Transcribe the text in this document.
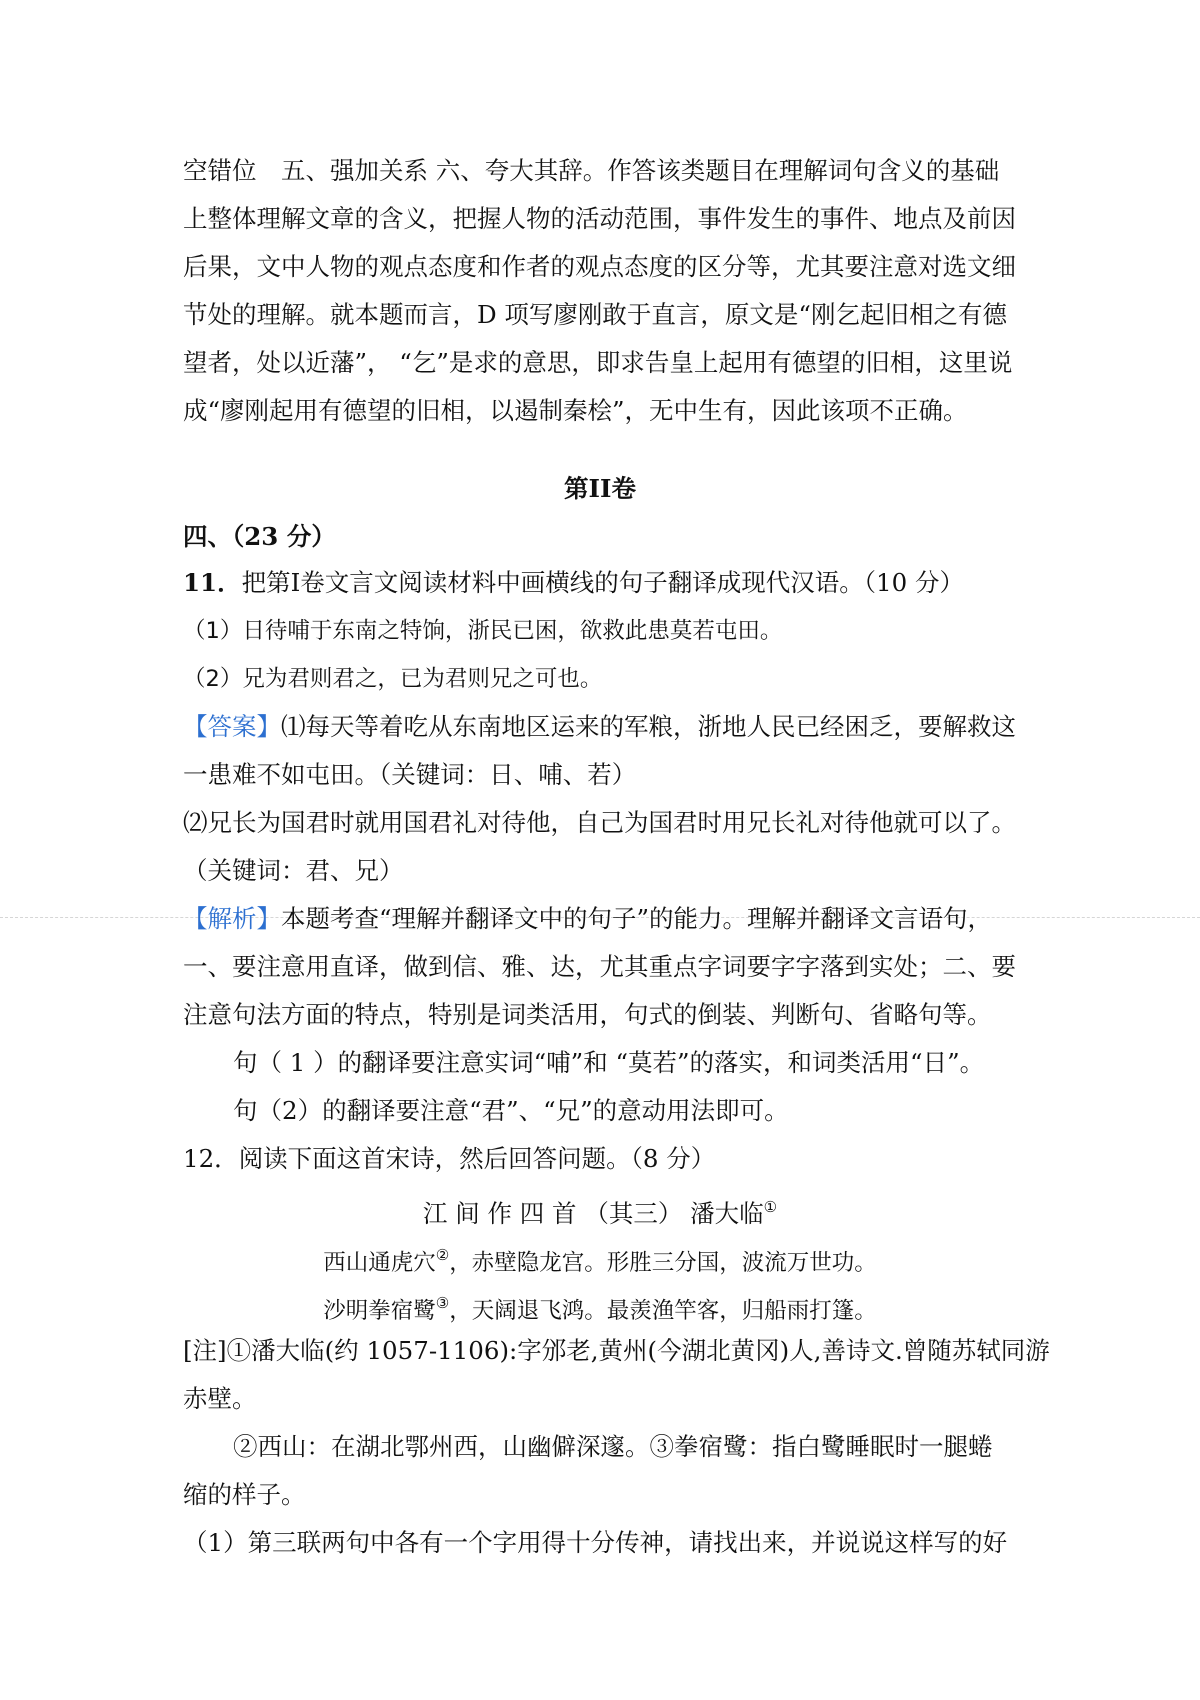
空错位　五、强加关系 六、夸大其辞。作答该类题目在理解词句含义的基础
上整体理解文章的含义，把握人物的活动范围，事件发生的事件、地点及前因
后果，文中人物的观点态度和作者的观点态度的区分等，尤其要注意对选文细
节处的理解。就本题而言，D 项写廖刚敢于直言，原文是“刚乞起旧相之有德
望者，处以近藩”， “乞”是求的意思，即求告皇上起用有德望的旧相，这里说
成“廖刚起用有德望的旧相，以遏制秦桧”，无中生有，因此该项不正确。
第II卷
四、（23 分）
11．把第I卷文言文阅读材料中画横线的句子翻译成现代汉语。（10 分）
（1）日待哺于东南之特饷，浙民已困，欲救此患莫若屯田。
（2）兄为君则君之，已为君则兄之可也。
【答案】⑴每天等着吃从东南地区运来的军粮，浙地人民已经困乏，要解救这
一患难不如屯田。（关键词：日、哺、若）
⑵兄长为国君时就用国君礼对待他，自己为国君时用兄长礼对待他就可以了。
（关键词：君、兄）
【解析】本题考查“理解并翻译文中的句子”的能力。理解并翻译文言语句，
一、要注意用直译，做到信、雅、达，尤其重点字词要字字落到实处；二、要
注意句法方面的特点，特别是词类活用，句式的倒装、判断句、省略句等。
句（ 1 ）的翻译要注意实词“哺”和 “莫若”的落实，和词类活用“日”。
句（2）的翻译要注意“君”、“兄”的意动用法即可。
12．阅读下面这首宋诗，然后回答问题。（8 分）
江 间 作 四 首 （其三） 潘大临①
西山通虎穴②，赤壁隐龙宫。形胜三分国，波流万世功。
沙明拳宿鹭③，天阔退飞鸿。最羡渔竿客，归船雨打篷。
[注]①潘大临(约 1057-1106):字邠老,黄州(今湖北黄冈)人,善诗文.曾随苏轼同游
赤壁。
②西山：在湖北鄂州西，山幽僻深邃。③拳宿鹭：指白鹭睡眠时一腿蜷
缩的样子。
（1）第三联两句中各有一个字用得十分传神，请找出来，并说说这样写的好
